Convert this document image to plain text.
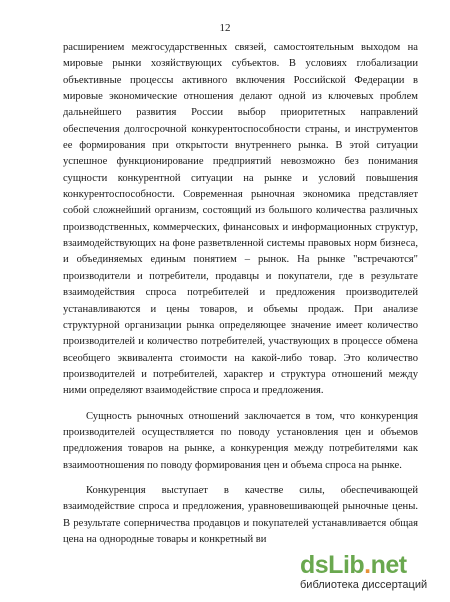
12
расширением межгосударственных связей, самостоятельным выходом на
мировые рынки хозяйствующих субъектов. В условиях глобализации
объективные процессы активного включения Российской Федерации в
мировые экономические отношения делают одной из ключевых проблем
дальнейшего развития России выбор приоритетных направлений
обеспечения долгосрочной конкурентоспособности страны, и инструментов
ее формирования при открытости внутреннего рынка. В этой ситуации
успешное функционирование предприятий невозможно без понимания
сущности конкурентной ситуации на рынке и условий повышения
конкурентоспособности. Современная рыночная экономика представляет
собой сложнейший организм, состоящий из большого количества различных
производственных, коммерческих, финансовых и информационных структур,
взаимодействующих на фоне разветвленной системы правовых норм бизнеса,
и объединяемых единым понятием – рынок. На рынке "встречаются"
производители и потребители, продавцы и покупатели, где в результате
взаимодействия спроса потребителей и предложения производителей
устанавливаются и цены товаров, и объемы продаж. При анализе
структурной организации рынка определяющее значение имеет количество
производителей и количество потребителей, участвующих в процессе обмена
всеобщего эквивалента стоимости на какой-либо товар. Это количество
производителей и потребителей, характер и структура отношений между
ними определяют взаимодействие спроса и предложения.
Сущность рыночных отношений заключается в том, что конкуренция
производителей осуществляется по поводу установления цен и объемов
предложения товаров на рынке, а конкуренция между потребителями как
взаимоотношения по поводу формирования цен и объема спроса на рынке.
Конкуренция выступает в качестве силы, обеспечивающей
взаимодействие спроса и предложения, уравновешивающей рыночные цены.
В результате соперничества продавцов и покупателей устанавливается общая
цена на однородные товары и конкретный ви
dsLib.net
библиотека диссертаций
